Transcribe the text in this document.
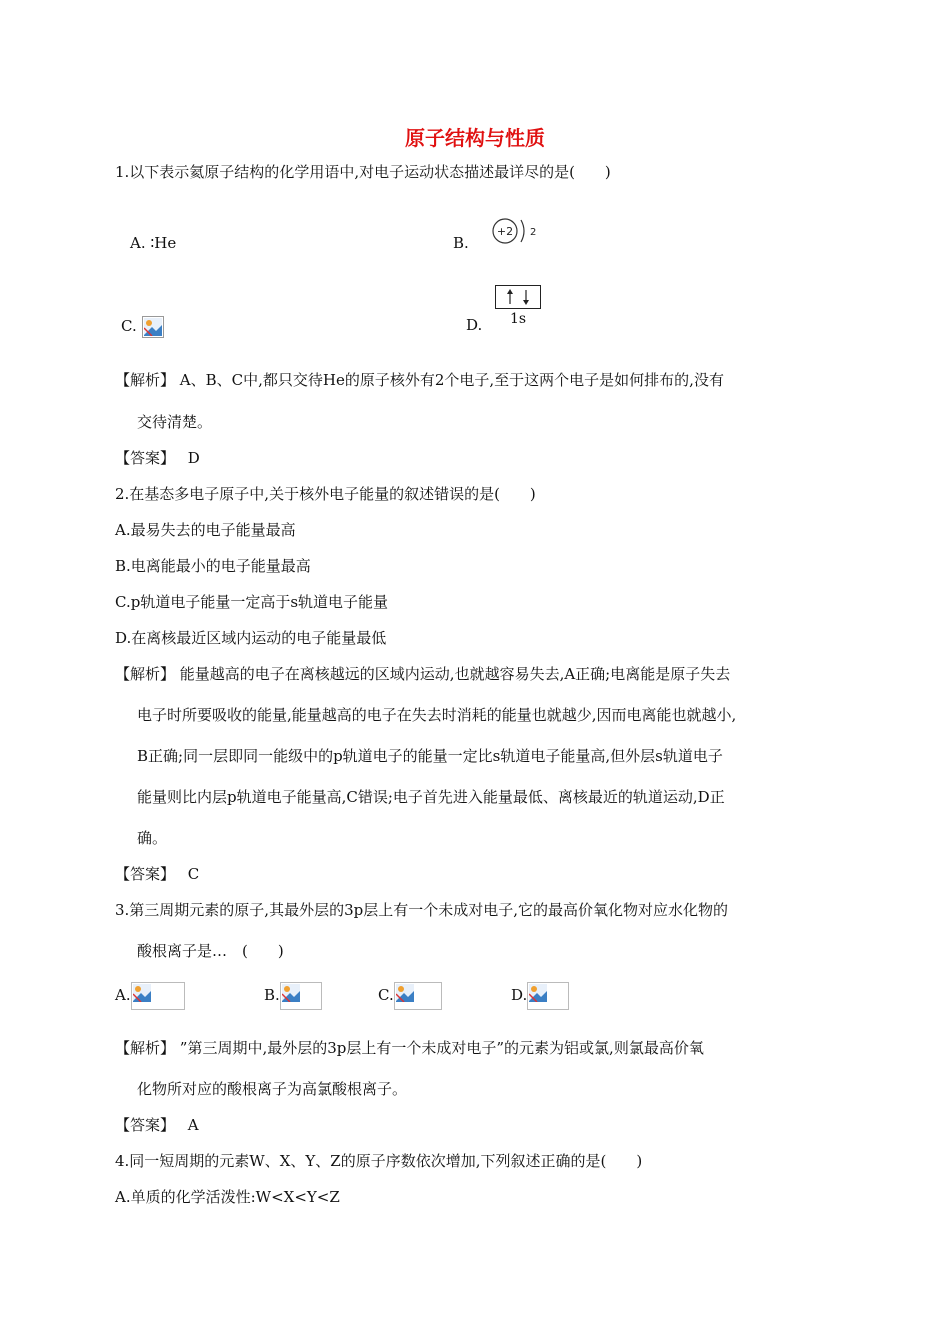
原子结构与性质
1.以下表示氦原子结构的化学用语中,对电子运动状态描述最详尽的是(　　)
A. ∶He	B.
+2 2
C.	D.	1s
【解析】 A、B、C中,都只交待He的原子核外有2个电子,至于这两个电子是如何排布的,没有
交待清楚。
【答案】 D
2.在基态多电子原子中,关于核外电子能量的叙述错误的是(　　)
A.最易失去的电子能量最高
B.电离能最小的电子能量最高
C.p轨道电子能量一定高于s轨道电子能量
D.在离核最近区域内运动的电子能量最低
【解析】 能量越高的电子在离核越远的区域内运动,也就越容易失去,A正确;电离能是原子失去
电子时所要吸收的能量,能量越高的电子在失去时消耗的能量也就越少,因而电离能也就越小,
B正确;同一层即同一能级中的p轨道电子的能量一定比s轨道电子能量高,但外层s轨道电子
能量则比内层p轨道电子能量高,C错误;电子首先进入能量最低、离核最近的轨道运动,D正
确。
【答案】 C
3.第三周期元素的原子,其最外层的3p层上有一个未成对电子,它的最高价氧化物对应水化物的
酸根离子是…　(　　)
A.	B.	C.	D.
【解析】 ”第三周期中,最外层的3p层上有一个未成对电子”的元素为铝或氯,则氯最高价氧
化物所对应的酸根离子为高氯酸根离子。
【答案】 A
4.同一短周期的元素W、X、Y、Z的原子序数依次增加,下列叙述正确的是(　　)
A.单质的化学活泼性:W<X<Y<Z
